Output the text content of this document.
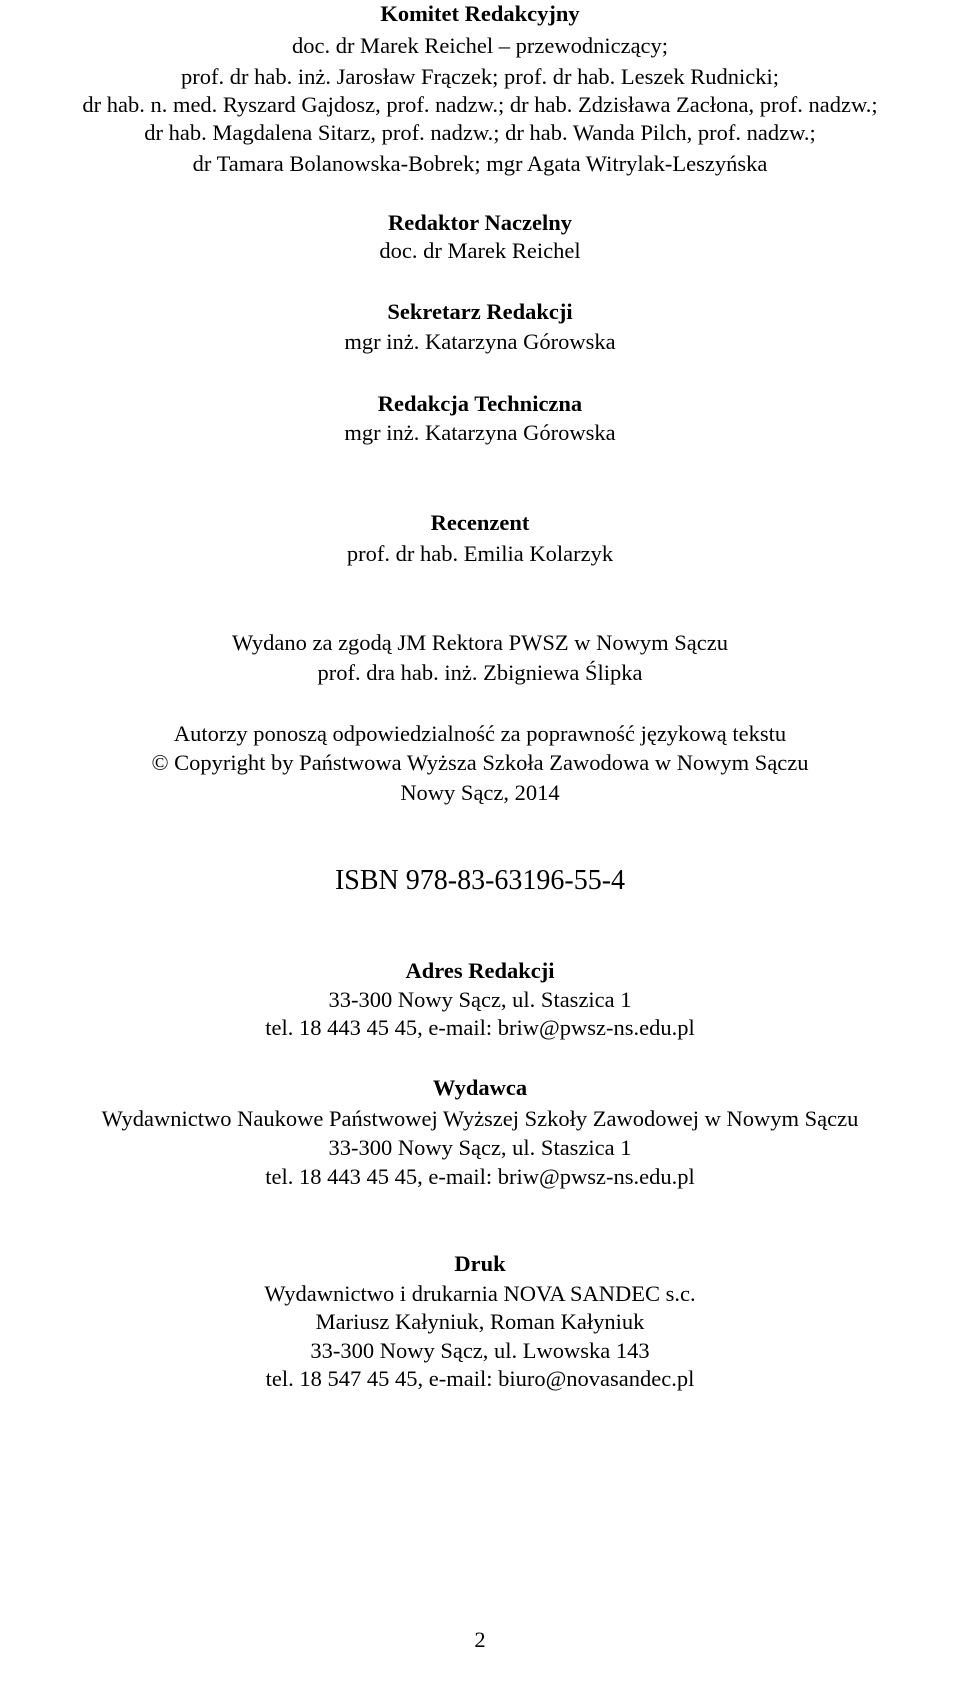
Komitet Redakcyjny
doc. dr Marek Reichel – przewodniczący;
prof. dr hab. inż. Jarosław Frączek; prof. dr hab. Leszek Rudnicki;
dr hab. n. med. Ryszard Gajdosz, prof. nadzw.; dr hab. Zdzisława Zacłona, prof. nadzw.;
dr hab. Magdalena Sitarz, prof. nadzw.; dr hab. Wanda Pilch, prof. nadzw.;
dr Tamara Bolanowska-Bobrek; mgr Agata Witrylak-Leszyńska
Redaktor Naczelny
doc. dr Marek Reichel
Sekretarz Redakcji
mgr inż. Katarzyna Górowska
Redakcja Techniczna
mgr inż. Katarzyna Górowska
Recenzent
prof. dr hab. Emilia Kolarzyk
Wydano za zgodą JM Rektora PWSZ w Nowym Sączu
prof. dra hab. inż. Zbigniewa Ślipka
Autorzy ponoszą odpowiedzialność za poprawność językową tekstu
© Copyright by Państwowa Wyższa Szkoła Zawodowa w Nowym Sączu
Nowy Sącz, 2014
ISBN 978-83-63196-55-4
Adres Redakcji
33-300 Nowy Sącz, ul. Staszica 1
tel. 18 443 45 45, e-mail: briw@pwsz-ns.edu.pl
Wydawca
Wydawnictwo Naukowe Państwowej Wyższej Szkoły Zawodowej w Nowym Sączu
33-300 Nowy Sącz, ul. Staszica 1
tel. 18 443 45 45, e-mail: briw@pwsz-ns.edu.pl
Druk
Wydawnictwo i drukarnia NOVA SANDEC s.c.
Mariusz Kałyniuk, Roman Kałyniuk
33-300 Nowy Sącz, ul. Lwowska 143
tel. 18 547 45 45, e-mail: biuro@novasandec.pl
2
